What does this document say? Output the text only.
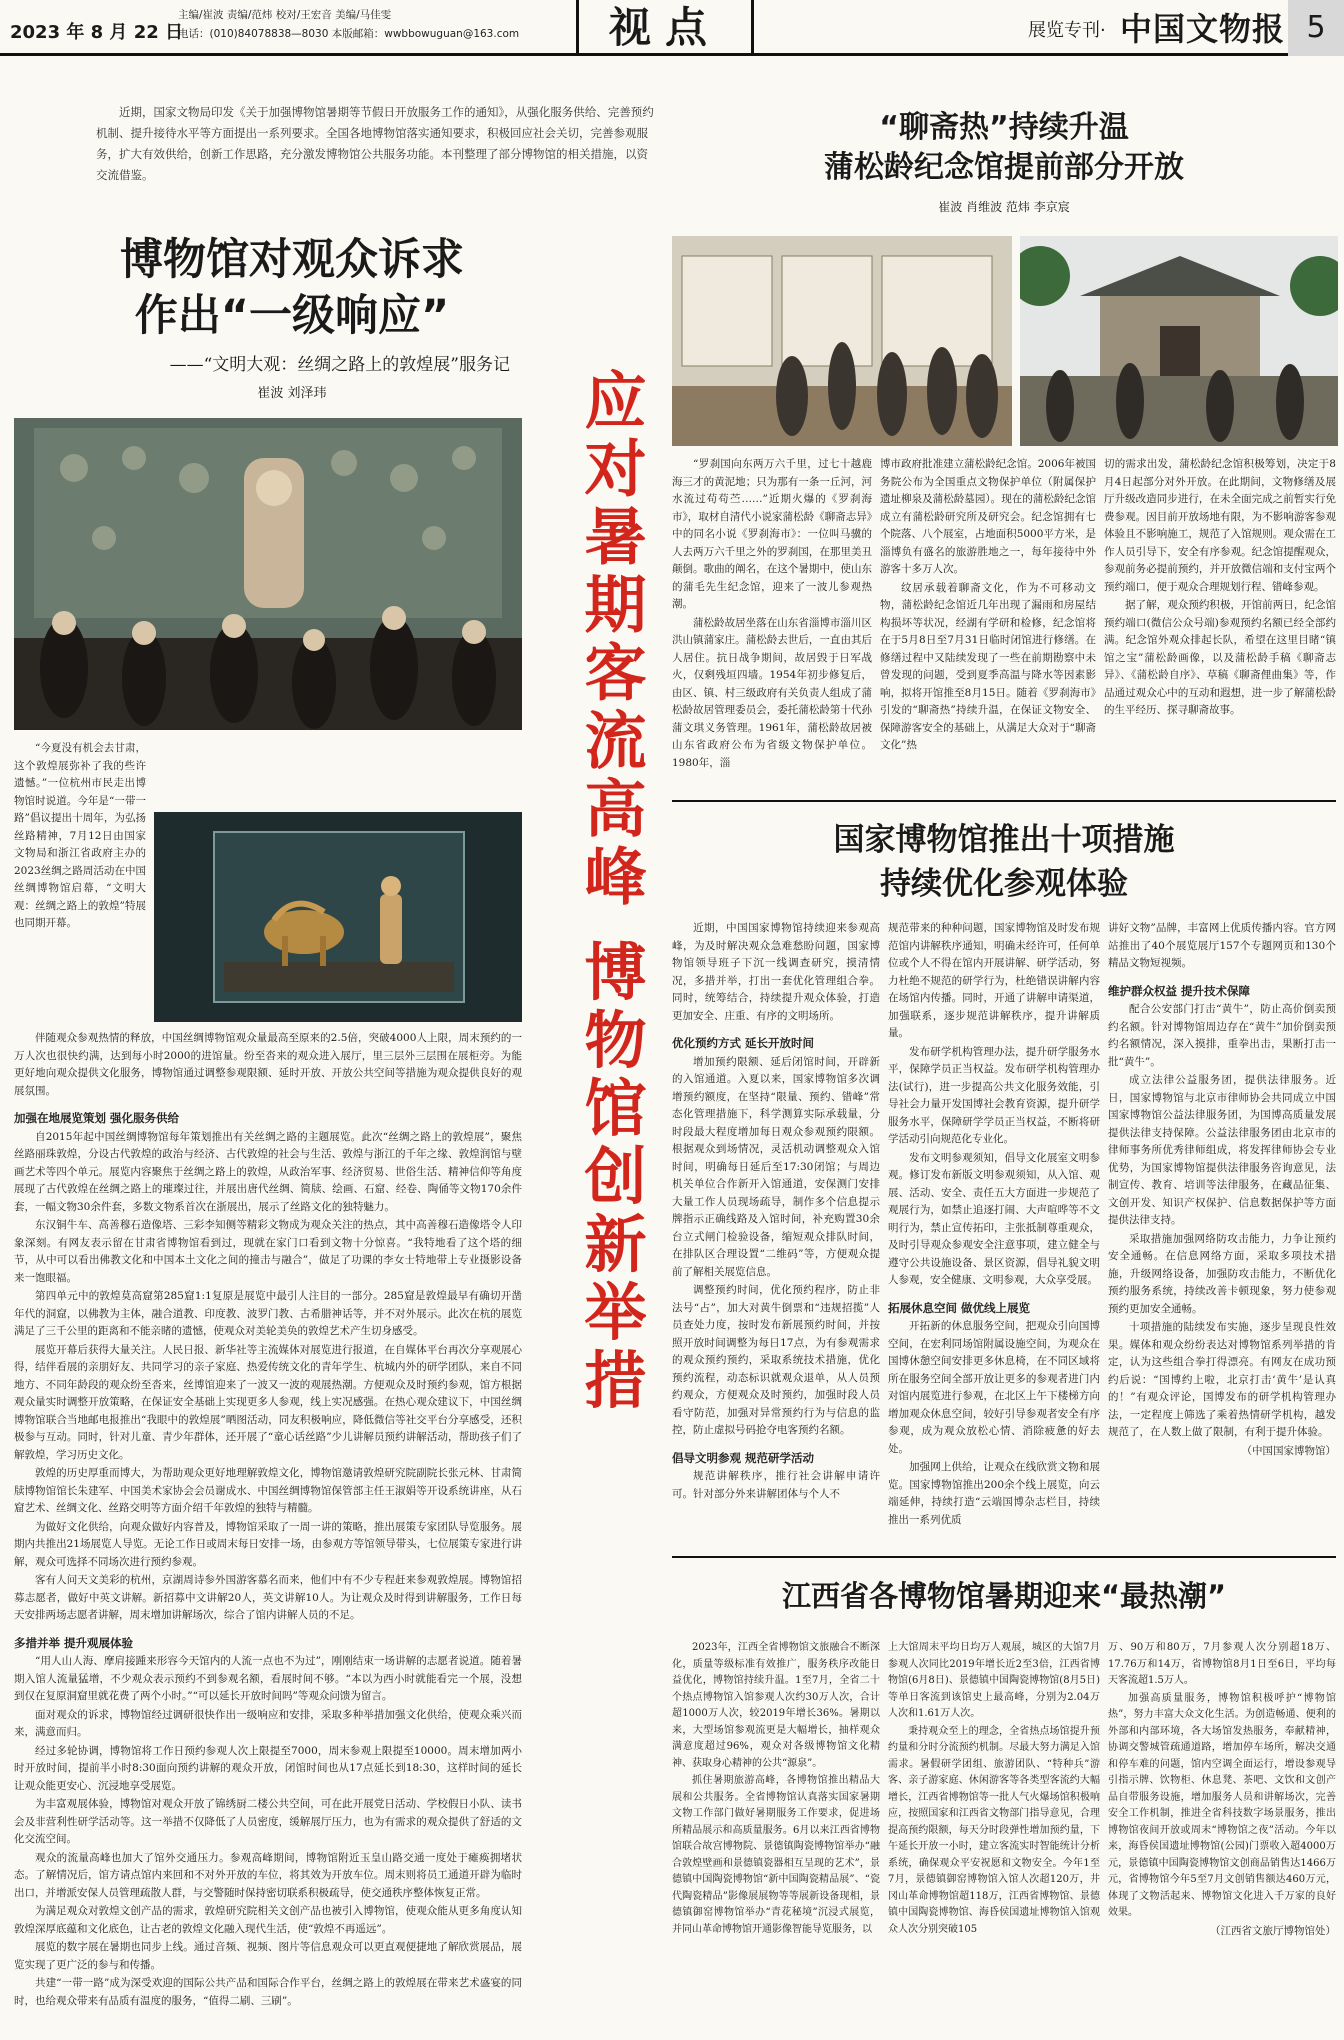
2023 年 8 月 22 日
主编/崔波 责编/范炜 校对/王宏音 美编/马佳雯
电话：(010)84078838—8030 本版邮箱：wwbbowuguan@163.com	视点	展览专刊· 中国文物报 5
近期，国家文物局印发《关于加强博物馆暑期等节假日开放服务工作的通知》，从强化服务供给、完善预约机制、提升接待水平等方面提出一系列要求。全国各地博物馆落实通知要求，积极回应社会关切，完善参观服务，扩大有效供给，创新工作思路，充分激发博物馆公共服务功能。本刊整理了部分博物馆的相关措施，以资交流借鉴。
博物馆对观众诉求
作出“一级响应”
——“文明大观：丝绸之路上的敦煌展”服务记
崔波 刘泽玮

“今夏没有机会去甘肃，这个敦煌展弥补了我的些许遗憾。”一位杭州市民走出博物馆时说道。今年是“一带一路”倡议提出十周年，为弘扬丝路精神，7月12日由国家文物局和浙江省政府主办的2023丝绸之路周活动在中国丝绸博物馆启幕，“文明大观：丝绸之路上的敦煌”特展也同期开幕。

伴随观众参观热情的释放，中国丝绸博物馆观众量最高至原来的2.5倍，突破4000人上限，周末预约的一万人次也很快约满，达到每小时2000的进馆量。纷至沓来的观众进入展厅，里三层外三层围在展柜旁。为能更好地向观众提供文化服务，博物馆通过调整参观限额、延时开放、开放公共空间等措施为观众提供良好的观展氛围。

加强在地展览策划 强化服务供给

自2015年起中国丝绸博物馆每年策划推出有关丝绸之路的主题展览。此次“丝绸之路上的敦煌展”，聚焦丝路丽珠敦煌，分设古代敦煌的政治与经济、古代敦煌的社会与生活、敦煌与浙江的千年之缘、敦煌润馆与壁画艺术等四个单元。展览内容聚焦于丝绸之路上的敦煌，从政治军事、经济贸易、世俗生活、精神信仰等角度展现了古代敦煌在丝绸之路上的璀璨过往，并展出唐代丝绸、简牍、绘画、石窟、经卷、陶俑等文物170余件套，一幅文物30余件套，多数文物系首次在浙展出，展示了丝路文化的独特魅力。

东汉铜牛车、高善穆石造像塔、三彩李知侧等精彩文物成为观众关注的热点，其中高善穆石造像塔令人印象深刻。有网友表示留在甘肃省博物馆看到过，现就在家门口看到文物十分惊喜。“我特地看了这个塔的细节，从中可以看出佛教文化和中国本土文化之间的撞击与融合”，做足了功课的李女士特地带上专业摄影设备来一饱眼福。

第四单元中的敦煌莫高窟第285窟1:1复原是展览中最引人注目的一部分。285窟是敦煌最早有确切开凿年代的洞窟，以佛教为主体，融合道教、印度教、波罗门教、古希腊神话等，并不对外展示。此次在杭的展览满足了三千公里的距离和不能亲睹的遗憾，使观众对美轮美奂的敦煌艺术产生切身感受。

展览开幕后获得大量关注。人民日报、新华社等主流媒体对展览进行报道，在自媒体平台再次分享观展心得，结伴看展的亲朋好友、共同学习的亲子家庭、热爱传统文化的青年学生、杭城内外的研学团队，来自不同地方、不同年龄段的观众纷至沓来，丝博馆迎来了一波又一波的观展热潮。方便观众及时预约参观，馆方根据观众量实时调整开放策略，在保证安全基础上实现更多人参观，线上实况感强。在热心观众建议下，中国丝绸博物馆联合当地邮电报推出“我眼中的敦煌展”晒图活动，同友积极响应，降低微信等社交平台分享感受，还积极参与互动。同时，针对儿童、青少年群体，还开展了“童心话丝路”少儿讲解员预约讲解活动，帮助孩子们了解敦煌，学习历史文化。

敦煌的历史厚重而博大，为帮助观众更好地理解敦煌文化，博物馆邀请敦煌研究院副院长张元林、甘肃简牍博物馆馆长朱建军、中国美术家协会会员谢成水、中国丝绸博物馆保管部主任王淑娟等开设系统讲座，从石窟艺术、丝绸文化、丝路交明等方面介绍千年敦煌的独特与精髓。

为做好文化供给，向观众做好内容普及，博物馆采取了一周一讲的策略，推出展策专家团队导览服务。展期内共推出21场展览人导览。无论工作日或周末每日安排一场，由参观方等馆领导带头，七位展策专家进行讲解，观众可选择不同场次进行预约参观。

客有人问天文美彩的杭州，京湖周诗参外国游客慕名而来，他们中有不少专程赶来参观敦煌展。博物馆招募志愿者，做好中英文讲解。新招募中文讲解20人，英文讲解10人。为让观众及时得到讲解服务，工作日每天安排两场志愿者讲解，周末增加讲解场次，综合了馆内讲解人员的不足。

多措并举 提升观展体验

“用人山人海、摩肩接踵来形容今天馆内的人流一点也不为过”，刚刚结束一场讲解的志愿者说道。随着暑期入馆人流量猛增，不少观众表示预约不到参观名额，看展时间不够。“本以为西小时就能看完一个展，没想到仅在复原洞窟里就花费了两个小时。”“可以延长开放时间吗”等观众问馈为留言。

面对观众的诉求，博物馆经过调研很快作出一级响应和安排，采取多种举措加强文化供给，使观众乘兴而来，满意而归。

经过多轮协调，博物馆将工作日预约参观人次上限提至7000，周末参观上限提至10000。周末增加两小时开放时间，提前半小时8:30面向预约讲解的观众开放，闭馆时间也从17点延长到18:30，这样时间的延长让观众能更安心、沉浸地享受展览。

为丰富观展体验，博物馆对观众开放了锦绣厨二楼公共空间，可在此开展党日活动、学校假日小队、读书会及非营利性研学活动等。这一举措不仅降低了人员密度，缓解展厅压力，也为有需求的观众提供了舒适的文化交流空间。

观众的流量高峰也加大了馆外交通压力。参观高峰期间，博物馆附近玉皇山路交通一度处于瘫痪拥堵状态。了解情况后，馆方请点馆内来回和不对外开放的车位，将其效为开放车位。周末则将员工通道开辟为临时出口，并增派安保人员管理疏散人群，与交警随时保持密切联系积极疏导，使交通秩序整体恢复正常。

为满足观众对敦煌文创产品的需求，敦煌研究院相关文创产品也被引入博物馆，使观众能从更多角度认知敦煌深厚底蕴和文化底色，让古老的敦煌文化融入现代生活，使“敦煌不再遥远”。

展览的数字展在暑期也同步上线。通过音频、视频、图片等信息观众可以更直观便捷地了解欣赏展品，展览实现了更广泛的参与和传播。

共建“一带一路”成为深受欢迎的国际公共产品和国际合作平台，丝绸之路上的敦煌展在带来艺术盛宴的同时，也给观众带来有品质有温度的服务，“值得二刷、三刷”。

应对暑期客流高峰 博物馆创新举措
“聊斋热”持续升温
蒲松龄纪念馆提前部分开放
崔波 肖维波 范炜 李京宸

“罗刹国向东两万六千里，过七十越鹿海三才的黄泥地；只为那有一条一丘河，河水流过苟苟苎……”近期火爆的《罗刹海市》，取材自清代小说家蒲松龄《聊斋志异》中的同名小说《罗刹海市》：一位叫马骥的人去两万六千里之外的罗刹国，在那里美丑颠倒。歌曲的阐名，在这个暑期中，使山东的蒲毛先生纪念馆，迎来了一波儿参观热潮。

蒲松龄故居坐落在山东省淄博市淄川区洪山镇蒲家庄。蒲松龄去世后，一直由其后人居住。抗日战争期间，故居毁于日军战火，仅剩残垣四墙。1954年初步修复后，由区、镇、村三级政府有关负责人组成了蒲松龄故居管理委员会，委托蒲松龄第十代孙蒲文琪义务管理。1961年，蒲松龄故居被山东省政府公布为省级文物保护单位。1980年，淄

博市政府批准建立蒲松龄纪念馆。2006年被国务院公布为全国重点文物保护单位（附属保护遗址柳泉及蒲松龄墓园）。现在的蒲松龄纪念馆成立有蒲松龄研究所及研究会。纪念馆拥有七个院落、八个展室，占地面积5000平方米，是淄博负有盛名的旅游胜地之一，每年接待中外游客十多万人次。

纹居承载着聊斋文化，作为不可移动文物，蒲松龄纪念馆近几年出现了漏雨和房屋结构损坏等状况，经湖有学研和检修，纪念馆将在于5月8日至7月31日临时闭馆进行修缮。在修缮过程中又陆续发现了一些在前期勘察中未曾发现的问题，受到夏季高温与降水等因素影响，拟将开馆推至8月15日。随着《罗刹海市》引发的“聊斋热”持续升温，在保证文物安全、保障游客安全的基础上，从满足大众对于“聊斋文化”热

切的需求出发，蒲松龄纪念馆积极筹划，决定于8月4日起部分对外开放。在此期间，文物修缮及展厅升级改造同步进行，在未全面完成之前暂实行免费参观。因目前开放场地有限，为不影响游客参观体验且不影响施工，规范了入馆规则。观众需在工作人员引导下，安全有序参观。纪念馆提醒观众，参观前务必提前预约，并开放微信端和支付宝两个预约端口，便于观众合理规划行程、错峰参观。

据了解，观众预约积极，开馆前两日，纪念馆预约端口(微信公众号端)参观预约名额已经全部约满。纪念馆外观众排起长队，希望在这里目睹“镇馆之宝”蒲松龄画像，以及蒲松龄手稿《聊斋志异》、《蒲松龄自序》、草稿《聊斋俚曲集》等，作品通过观众心中的互动和遐想，进一步了解蒲松龄的生平经历、探寻聊斋故事。

国家博物馆推出十项措施
持续优化参观体验

近期，中国国家博物馆持续迎来参观高峰，为及时解决观众急难愁盼问题，国家博物馆领导班子下沉一线调查研究，摸清情况，多措并举，打出一套优化管理组合拳。同时，统筹结合，持续提升观众体验，打造更加安全、庄重、有序的文明场所。

优化预约方式 延长开放时间

增加预约限额、延后闭馆时间，开辟新的入馆通道。入夏以来，国家博物馆多次调增预约额度，在坚持“限量、预约、错峰”常态化管理措施下，科学测算实际承载量，分时段最大程度增加每日观众参观预约限额。根据观众到场情况，灵活机动调整观众入馆时间，明确每日延后至17:30闭馆；与周边机关单位合作新开入馆通道，安保测门安排大量工作人员现场疏导，制作多个信息提示牌指示正确线路及入馆时间，补充购置30余台立式闸门检验设备，缩短观众排队时间，在排队区合理设置“二维码”等，方便观众提前了解相关展览信息。

调整预约时间，优化预约程序，防止非法号“占”，加大对黄牛倒票和“违规招揽”人员查处力度，按时发布新展预约时间，并按照开放时间调整为每日17点，为有参观需求的观众预约预约，采取系统技术措施，优化预约流程，动态标识就观众退单，从人员预约观众，方便观众及时预约，加强时段人员看守防范，加强对异常预约行为与信息的监控，防止虚拟号码抢夺电客预约名额。

倡导文明参观 规范研学活动

规范讲解秩序，推行社会讲解申请许可。针对部分外来讲解团体与个人不

规范带来的种种问题，国家博物馆及时发布规范馆内讲解秩序通知，明确未经许可，任何单位或个人不得在馆内开展讲解、研学活动，努力杜绝不规范的研学行为，杜绝错误讲解内容在场馆内传播。同时，开通了讲解申请渠道，加强联系，逐步规范讲解秩序，提升讲解质量。

发布研学机构管理办法，提升研学服务水平，保障学员正当权益。发布研学机构管理办法(试行)，进一步提高公共文化服务效能，引导社会力量开发国博社会教育资源，提升研学服务水平，保障研学学员正当权益，不断将研学活动引向规范化专业化。

发布文明参观须知，倡导文化展室文明参观。修订发布新版文明参观须知，从入馆、观展、活动、安全、责任五大方面进一步规范了观展行为，如禁止追逐打闹、大声喧哗等不文明行为，禁止宣传拓印，主张抵制尊重观众，及时引导观众参观安全注意事项，建立健全与遵守公共设施设备、景区资源，倡导礼貌文明人参观，安全健康、文明参观，大众享受展。

拓展休息空间 做优线上展览

开拓新的休息服务空间，把观众引向国博空间，在宏利同场馆附属设施空间，为观众在国博休憩空间安排更多休息椅，在不同区域将所在服务空间全部开放让更多的参观者进门内对馆内展览进行参观，在北区上午下楼梯方向增加观众休息空间，较好引导参观者安全有序参观，成为观众放松心情、消除疲惫的好去处。

加强网上供给，让观众在线欣赏文物和展览。国家博物馆推出200余个线上展览，向云端延伸，持续打造“云端国博杂志栏目，持续推出一系列优质

讲好文物”品牌，丰富网上优质传播内容。官方网站推出了40个展览展厅157个专题网页和130个精品文物短视频。

维护群众权益 提升技术保障

配合公安部门打击“黄牛”，防止高价倒卖预约名额。针对博物馆周边存在“黄牛”加价倒卖预约名额情况，深入摸排，重拳出击，果断打击一批“黄牛”。

成立法律公益服务团，提供法律服务。近日，国家博物馆与北京市律师协会共同成立中国国家博物馆公益法律服务团，为国博高质量发展提供法律支持保障。公益法律服务团由北京市的律师事务所优秀律师组成，将发挥律师协会专业优势，为国家博物馆提供法律服务咨询意见，法制宣传、教育、培训等法律服务，在藏品征集、文创开发、知识产权保护、信息数据保护等方面提供法律支持。

采取措施加强网络防攻击能力，力争让预约安全通畅。在信息网络方面，采取多项技术措施，升级网络设备，加强防攻击能力，不断优化预约服务系统，持续改善卡顿现象，努力使参观预约更加安全通畅。

十项措施的陆续发布实施，逐步呈现良性效果。媒体和观众纷纷表达对博物馆系列举措的肯定，认为这些组合拳打得漂亮。有网友在成功预约后说：“国博约上啦，北京打击‘黄牛’是认真的！”有观众评论，国博发布的研学机构管理办法，一定程度上筛选了乘着热情研学机构，越发规范了，在人数上做了限制，有利于提升体验。

（中国国家博物馆）

江西省各博物馆暑期迎来“最热潮”

2023年，江西全省博物馆文旅融合不断深化，质量等级标准有效推广，服务秩序改能日益优化，博物馆持续升温。1至7月，全省二十个热点博物馆入馆参观人次约30万人次，合计超1000万人次，较2019年增长36%。暑期以来，大型场馆参观流更是大幅增长，抽样观众满意度超过96%，观众对各级博物馆文化精神、获取身心精神的公共“源泉”。

抓住暑期旅游高峰，各博物馆推出精品大展和公共服务。全省博物馆认真落实国家暑期文物工作部门做好暑期服务工作要求，促进场所精品展示和高质量服务。6月以来江西省博物馆联合故宫博物院、景德镇陶瓷博物馆举办“融合敦煌壁画和景德镇瓷器相互呈现的艺术”，景德镇中国陶瓷博物馆“新中国陶瓷精品展”、“瓷代陶瓷精品”影像展展物等等展新设备现相，景德镇御窑博物馆举办“青花秘境”沉浸式展览，并同山革命博物馆开通影像智能导览服务，以

上大馆周末平均日均万人观展，城区的大馆7月参观人次同比2019年增长近2至3倍，江西省博物馆(6月8日)、景德镇中国陶瓷博物馆(8月5日)等单日客流到该馆史上最高峰，分别为2.04万人次和1.61万人次。

秉持观众至上的理念，全省热点场馆提升预约量和分时分流预约机制。尽最大努力满足入馆需求。暑假研学团组、旅游团队、“特种兵”游客、亲子游家庭、休闲游客等各类型客流约大幅增长，江西省博物馆等一批人气火爆场馆积极响应，按照国家和江西省文物部门指导意见，合理提高预约限额，每天分时段弹性增加预约量，下午延长开放一小时，建立客流实时智能统计分析系统，确保观众平安祝愿和文物安全。今年1至7月，景德镇御窑博物馆入馆人次超120万，井冈山革命博物馆超118万，江西省博物馆、景德镇中国陶瓷博物馆、海昏侯国遗址博物馆入馆观众人次分别突破105

万、90万和80万，7月参观人次分别超18万、17.76万和14万，省博物馆8月1日至6日，平均每天客流超1.5万人。

加强高质量服务，博物馆积极呼护“博物馆热”，努力丰富大众文化生活。为创造畅通、便利的外部和内部环境，各大场馆发热服务，奉献精神，协调交警城管疏通道路，增加停车场所，解决交通和停车难的问题，馆内空调全面运行，增设参观导引指示牌、饮物柜、休息凳、茶吧、文饮和文创产品自带服务设施，增加服务人员和讲解场次，完善安全工作机制，推进全省科技数字场景服务，推出博物馆夜间开放或周末“博物馆之夜”活动。今年以来，海昏侯国遗址博物馆(公园)门票收入超4000万元，景德镇中国陶瓷博物馆文创商品销售达1466万元，省博物馆今年5至7月文创销售额达460万元，体现了文物活起来、博物馆文化进入千万家的良好效果。

（江西省文旅厅博物馆处）
